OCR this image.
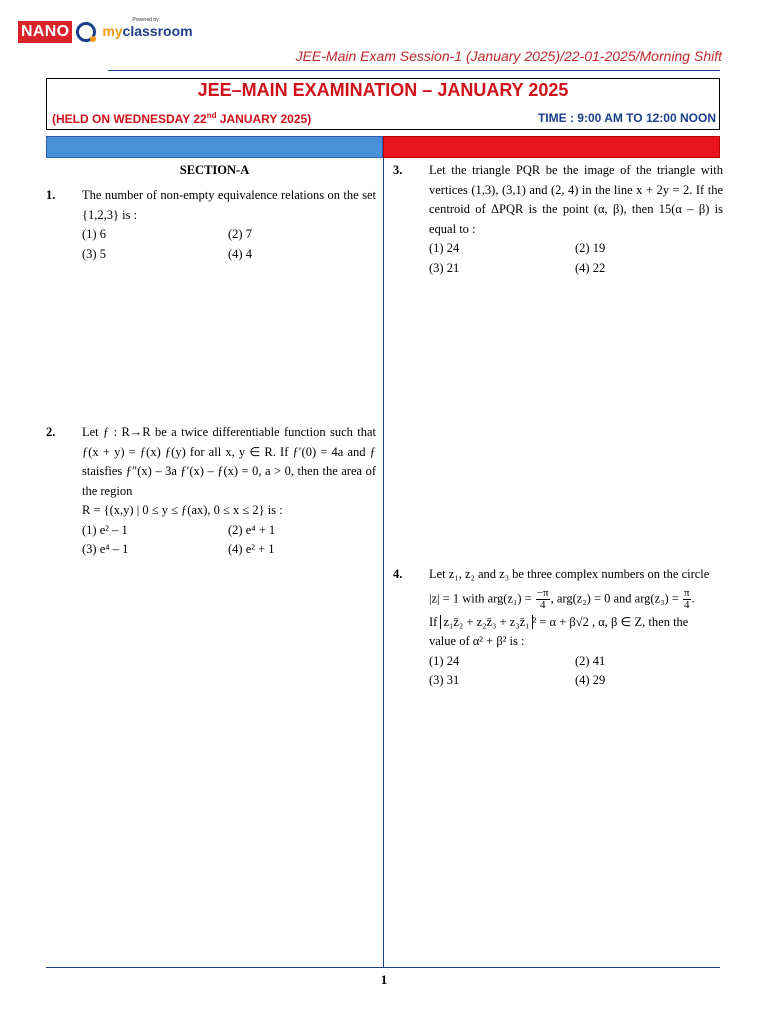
NANO
Powered by
myclassroom
JEE-Main Exam Session-1 (January 2025)/22-01-2025/Morning Shift
JEE–MAIN EXAMINATION – JANUARY 2025
(HELD ON WEDNESDAY 22nd JANUARY 2025)	TIME : 9:00 AM TO 12:00 NOON
SECTION-A
1. The number of non-empty equivalence relations on the set {1,2,3} is :
(1) 6	(2) 7
(3) 5	(4) 4
2. Let ƒ : R→R be a twice differentiable function such that ƒ(x + y) = ƒ(x) ƒ(y) for all x, y ∈ R. If ƒ′(0) = 4a and ƒ staisfies ƒ″(x) – 3a ƒ′(x) – ƒ(x) = 0, a > 0, then the area of the region
R = {(x,y) | 0 ≤ y ≤ ƒ(ax), 0 ≤ x ≤ 2} is :
(1) e² – 1	(2) e⁴ + 1
(3) e⁴ – 1	(4) e² + 1
3. Let the triangle PQR be the image of the triangle with vertices (1,3), (3,1) and (2, 4) in the line x + 2y = 2. If the centroid of ΔPQR is the point (α, β), then 15(α – β) is equal to :
(1) 24	(2) 19
(3) 21	(4) 22
4. Let z₁, z₂ and z₃ be three complex numbers on the circle
|z| = 1 with $arg(z_1) = \frac{-\pi}{4}$ , arg(z₂) = 0 and $arg(z_3) = \frac{\pi}{4}$ .
If z₁z̄₂ + z₂z̄₃ + z₃z̄₁ ² = α + β√2 , α, β ∈ Z, then the
value of α² + β² is :
(1) 24	(2) 41
(3) 31	(4) 29
1
